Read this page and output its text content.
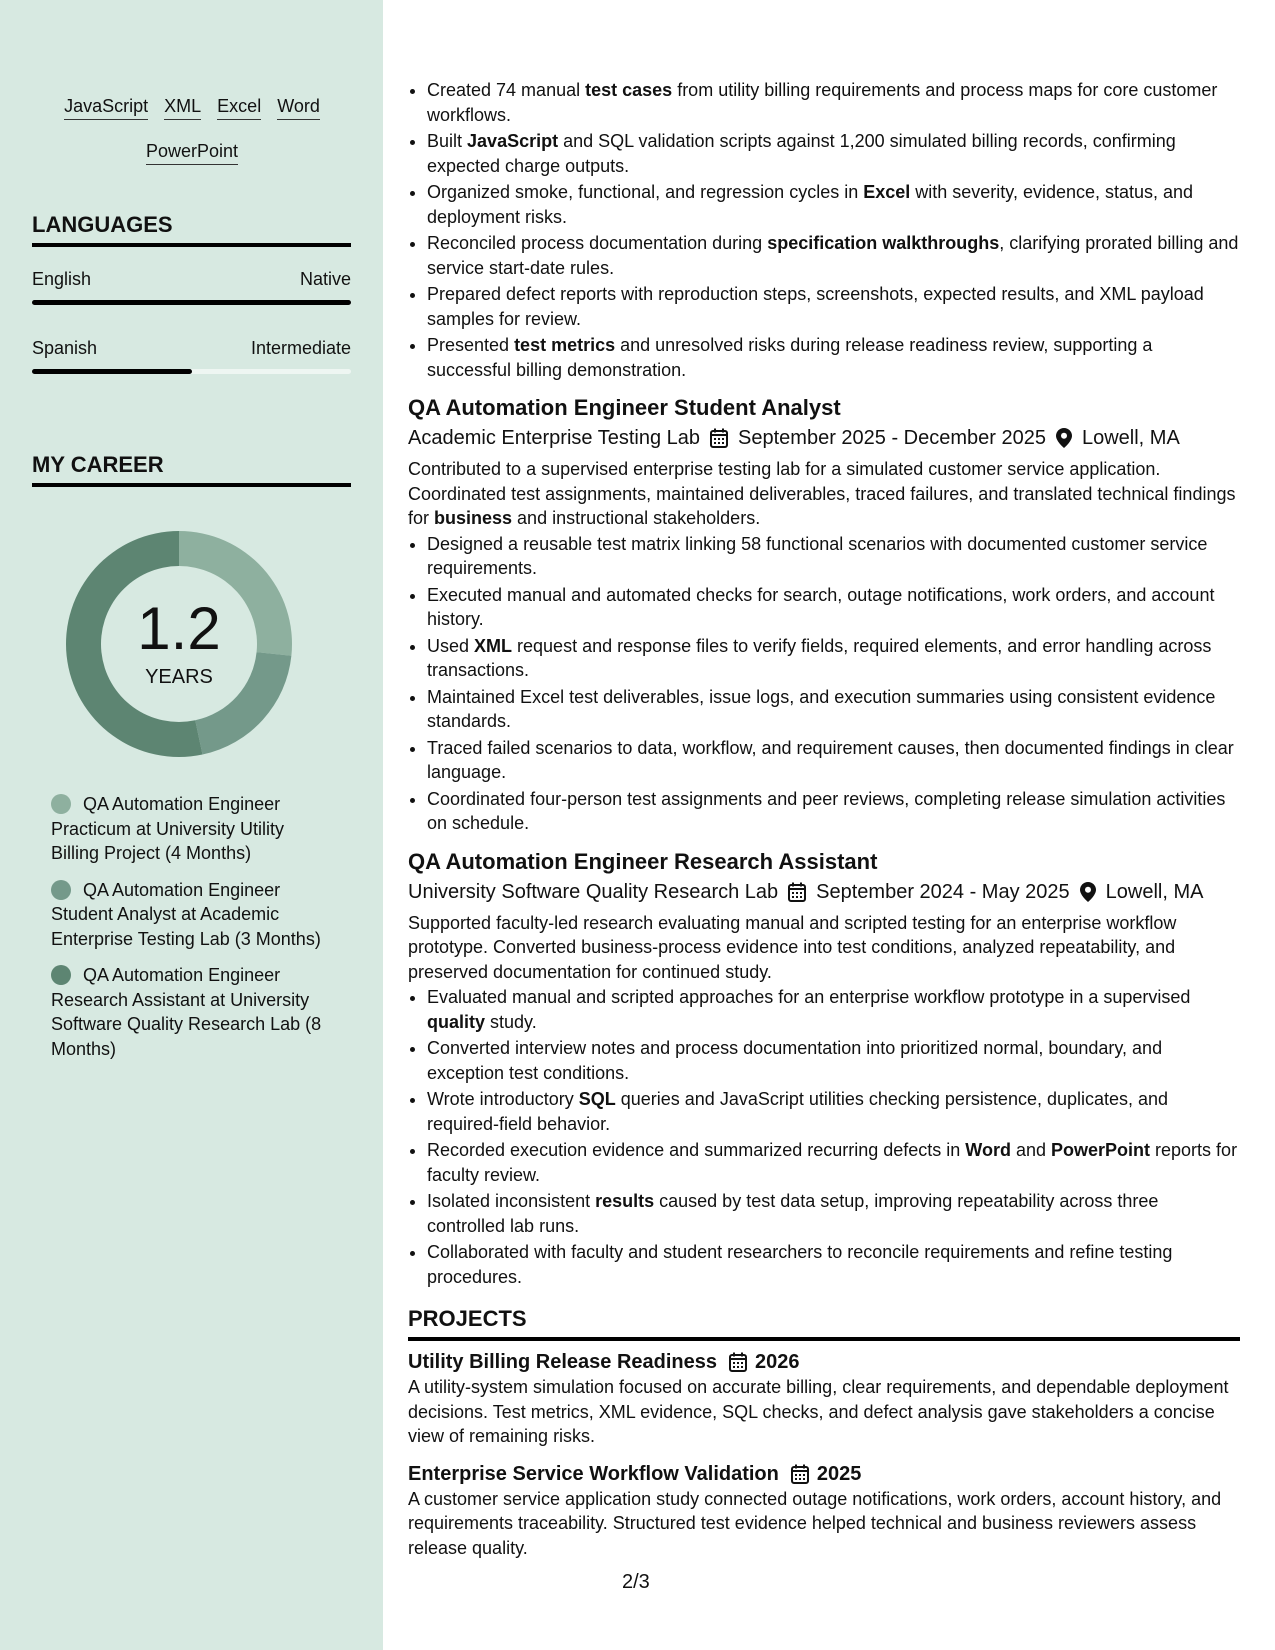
JavaScript XML Excel Word
PowerPoint
LANGUAGES
English	Native
Spanish	Intermediate
MY CAREER
1.2
YEARS
QA Automation Engineer Practicum at University Utility Billing Project (4 Months)
QA Automation Engineer Student Analyst at Academic Enterprise Testing Lab (3 Months)
QA Automation Engineer Research Assistant at University Software Quality Research Lab (8 Months)
• Created 74 manual test cases from utility billing requirements and process maps for core customer workflows.
• Built JavaScript and SQL validation scripts against 1,200 simulated billing records, confirming expected charge outputs.
• Organized smoke, functional, and regression cycles in Excel with severity, evidence, status, and deployment risks.
• Reconciled process documentation during specification walkthroughs, clarifying prorated billing and service start-date rules.
• Prepared defect reports with reproduction steps, screenshots, expected results, and XML payload samples for review.
• Presented test metrics and unresolved risks during release readiness review, supporting a successful billing demonstration.
QA Automation Engineer Student Analyst
Academic Enterprise Testing Lab September 2025 - December 2025 Lowell, MA
Contributed to a supervised enterprise testing lab for a simulated customer service application. Coordinated test assignments, maintained deliverables, traced failures, and translated technical findings for business and instructional stakeholders.
• Designed a reusable test matrix linking 58 functional scenarios with documented customer service requirements.
• Executed manual and automated checks for search, outage notifications, work orders, and account history.
• Used XML request and response files to verify fields, required elements, and error handling across transactions.
• Maintained Excel test deliverables, issue logs, and execution summaries using consistent evidence standards.
• Traced failed scenarios to data, workflow, and requirement causes, then documented findings in clear language.
• Coordinated four-person test assignments and peer reviews, completing release simulation activities on schedule.
QA Automation Engineer Research Assistant
University Software Quality Research Lab September 2024 - May 2025 Lowell, MA
Supported faculty-led research evaluating manual and scripted testing for an enterprise workflow prototype. Converted business-process evidence into test conditions, analyzed repeatability, and preserved documentation for continued study.
• Evaluated manual and scripted approaches for an enterprise workflow prototype in a supervised quality study.
• Converted interview notes and process documentation into prioritized normal, boundary, and exception test conditions.
• Wrote introductory SQL queries and JavaScript utilities checking persistence, duplicates, and required-field behavior.
• Recorded execution evidence and summarized recurring defects in Word and PowerPoint reports for faculty review.
• Isolated inconsistent results caused by test data setup, improving repeatability across three controlled lab runs.
• Collaborated with faculty and student researchers to reconcile requirements and refine testing procedures.
PROJECTS
Utility Billing Release Readiness 2026
A utility-system simulation focused on accurate billing, clear requirements, and dependable deployment decisions. Test metrics, XML evidence, SQL checks, and defect analysis gave stakeholders a concise view of remaining risks.
Enterprise Service Workflow Validation 2025
A customer service application study connected outage notifications, work orders, account history, and requirements traceability. Structured test evidence helped technical and business reviewers assess release quality.
2/3
